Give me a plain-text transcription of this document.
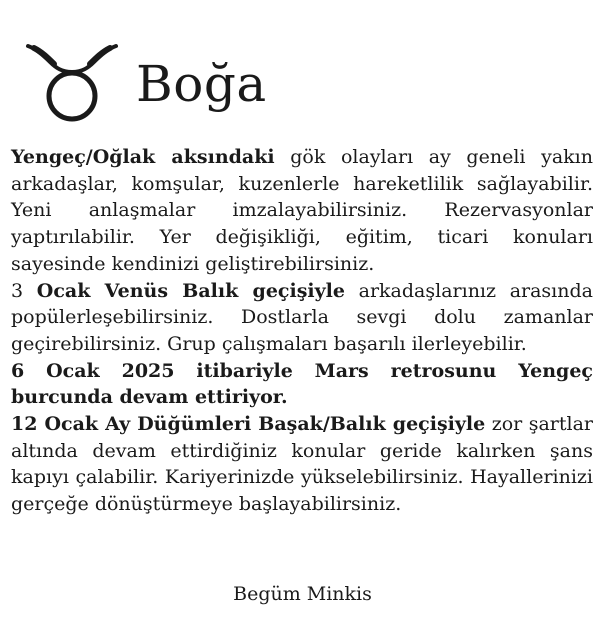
Boğa

Yengeç/Oğlak aksındaki gök olayları ay geneli yakın arkadaşlar, komşular, kuzenlerle hareketlilik sağlayabilir. Yeni anlaşmalar imzalayabilirsiniz. Rezervasyonlar yaptırılabilir. Yer değişikliği, eğitim, ticari konuları sayesinde kendinizi geliştirebilirsiniz.

3 Ocak Venüs Balık geçişiyle arkadaşlarınız arasında popülerleşebilirsiniz. Dostlarla sevgi dolu zamanlar geçirebilirsiniz. Grup çalışmaları başarılı ilerleyebilir.

6 Ocak 2025 itibariyle Mars retrosunu Yengeç burcunda devam ettiriyor.

12 Ocak Ay Düğümleri Başak/Balık geçişiyle zor şartlar altında devam ettirdiğiniz konular geride kalırken şans kapıyı çalabilir. Kariyerinizde yükselebilirsiniz. Hayallerinizi gerçeğe dönüştürmeye başlayabilirsiniz.

Begüm Minkis
